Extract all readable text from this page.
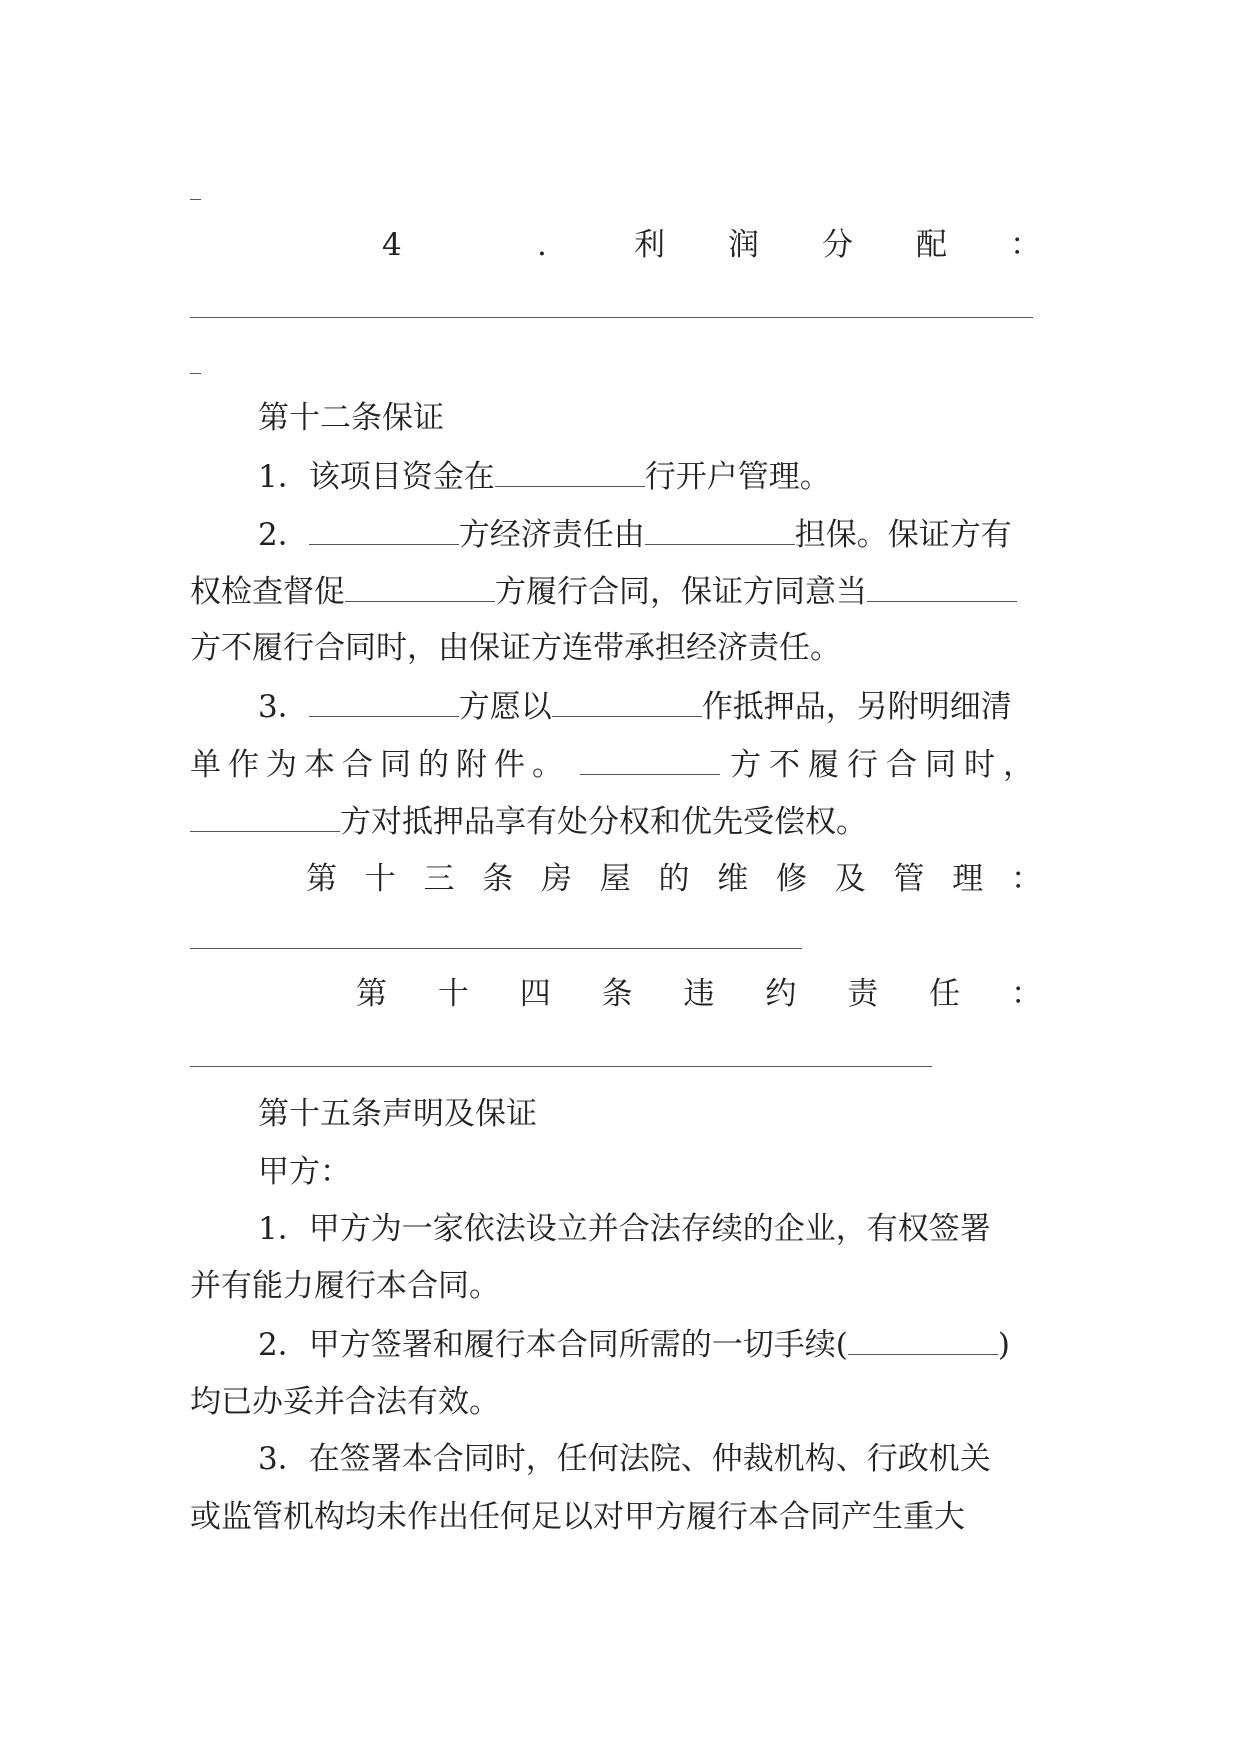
4	.	利 润 分 配 ：

第十二条保证

1．该项目资金在	行开户管理。

2．	方经济责任由	担保。保证方有

权检查督促	方履行合同，保证方同意当

方不履行合同时，由保证方连带承担经济责任。

3．	方愿以	作抵押品，另附明细清

单作为本合同的附件。	方不履行合同时，

方对抵押品享有处分权和优先受偿权。

第 十 三 条 房 屋 的 维 修 及 管 理 ：

第 十 四 条 违 约 责 任 ：

第十五条声明及保证

甲方：

1．甲方为一家依法设立并合法存续的企业，有权签署

并有能力履行本合同。

2．甲方签署和履行本合同所需的一切手续(	)

均已办妥并合法有效。

3．在签署本合同时，任何法院、仲裁机构、行政机关

或监管机构均未作出任何足以对甲方履行本合同产生重大
